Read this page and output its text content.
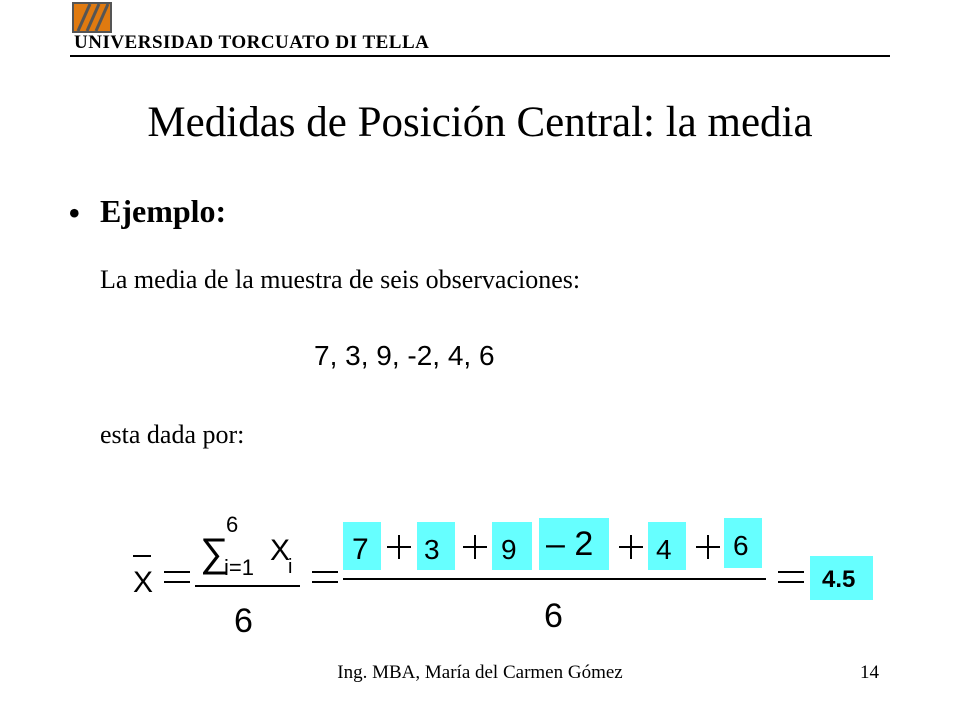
UNIVERSIDAD TORCUATO DI TELLA
Medidas de Posición Central: la media
• Ejemplo:
La media de la muestra de seis observaciones:
7, 3, 9, -2, 4, 6
esta dada por:
X
∑
6
i=1
X
i
6
7 3 9 – 2 4 6
6
4.5
Ing. MBA, María del Carmen Gómez	14
